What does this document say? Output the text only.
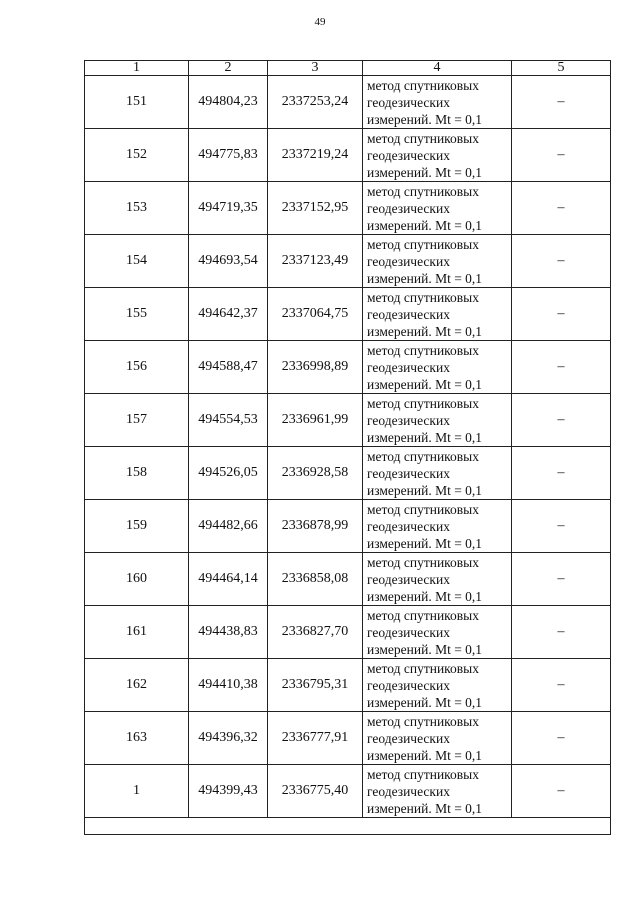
49
1	2	3	4	5
151	494804,23	2337253,24	метод спутниковых
геодезических
измерений. Mt = 0,1	–
152	494775,83	2337219,24	метод спутниковых
геодезических
измерений. Mt = 0,1	–
153	494719,35	2337152,95	метод спутниковых
геодезических
измерений. Mt = 0,1	–
154	494693,54	2337123,49	метод спутниковых
геодезических
измерений. Mt = 0,1	–
155	494642,37	2337064,75	метод спутниковых
геодезических
измерений. Mt = 0,1	–
156	494588,47	2336998,89	метод спутниковых
геодезических
измерений. Mt = 0,1	–
157	494554,53	2336961,99	метод спутниковых
геодезических
измерений. Mt = 0,1	–
158	494526,05	2336928,58	метод спутниковых
геодезических
измерений. Mt = 0,1	–
159	494482,66	2336878,99	метод спутниковых
геодезических
измерений. Mt = 0,1	–
160	494464,14	2336858,08	метод спутниковых
геодезических
измерений. Mt = 0,1	–
161	494438,83	2336827,70	метод спутниковых
геодезических
измерений. Mt = 0,1	–
162	494410,38	2336795,31	метод спутниковых
геодезических
измерений. Mt = 0,1	–
163	494396,32	2336777,91	метод спутниковых
геодезических
измерений. Mt = 0,1	–
1	494399,43	2336775,40	метод спутниковых
геодезических
измерений. Mt = 0,1	–
